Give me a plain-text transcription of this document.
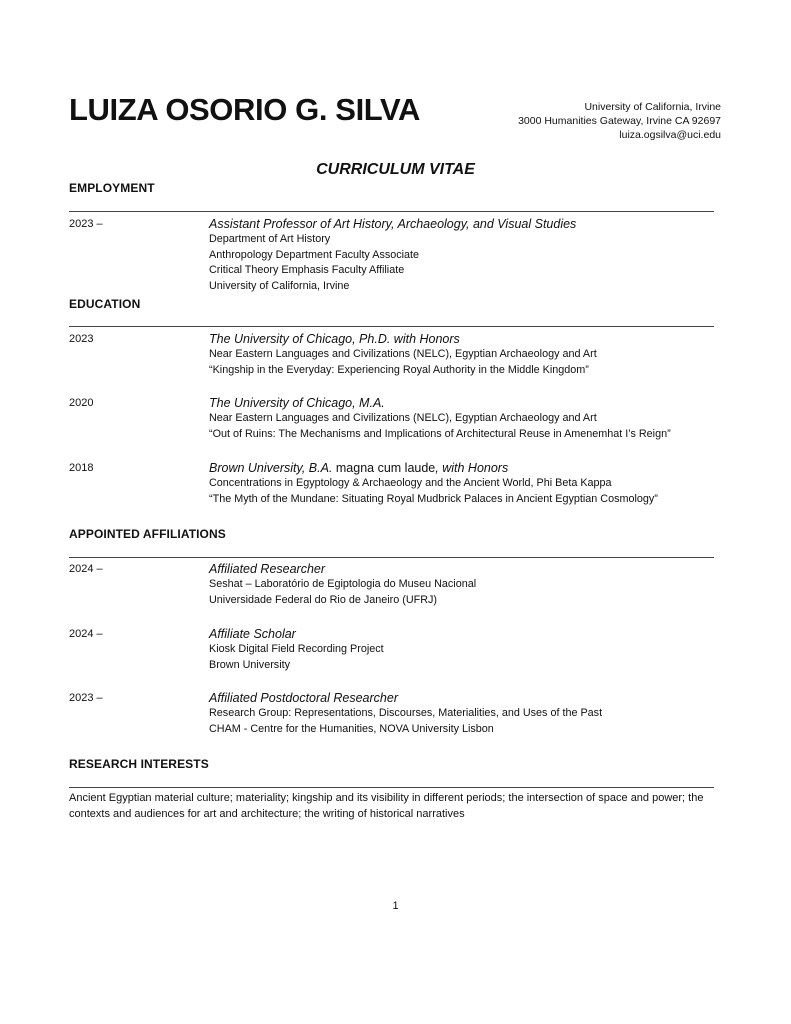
LUIZA OSORIO G. SILVA	University of California, Irvine
3000 Humanities Gateway, Irvine CA 92697
luiza.ogsilva@uci.edu
CURRICULUM VITAE
EMPLOYMENT
2023 –	Assistant Professor of Art History, Archaeology, and Visual Studies
Department of Art History
Anthropology Department Faculty Associate
Critical Theory Emphasis Faculty Affiliate
University of California, Irvine
EDUCATION
2023	The University of Chicago, Ph.D. with Honors
Near Eastern Languages and Civilizations (NELC), Egyptian Archaeology and Art
“Kingship in the Everyday: Experiencing Royal Authority in the Middle Kingdom”
2020	The University of Chicago, M.A.
Near Eastern Languages and Civilizations (NELC), Egyptian Archaeology and Art
“Out of Ruins: The Mechanisms and Implications of Architectural Reuse in Amenemhat I’s Reign”
2018	Brown University, B.A. magna cum laude, with Honors
Concentrations in Egyptology & Archaeology and the Ancient World, Phi Beta Kappa
“The Myth of the Mundane: Situating Royal Mudbrick Palaces in Ancient Egyptian Cosmology”
APPOINTED AFFILIATIONS
2024 –	Affiliated Researcher
Seshat – Laboratório de Egiptologia do Museu Nacional
Universidade Federal do Rio de Janeiro (UFRJ)
2024 –	Affiliate Scholar
Kiosk Digital Field Recording Project
Brown University
2023 –	Affiliated Postdoctoral Researcher
Research Group: Representations, Discourses, Materialities, and Uses of the Past
CHAM - Centre for the Humanities, NOVA University Lisbon
RESEARCH INTERESTS
Ancient Egyptian material culture; materiality; kingship and its visibility in different periods; the intersection of space and power; the contexts and audiences for art and architecture; the writing of historical narratives
1
